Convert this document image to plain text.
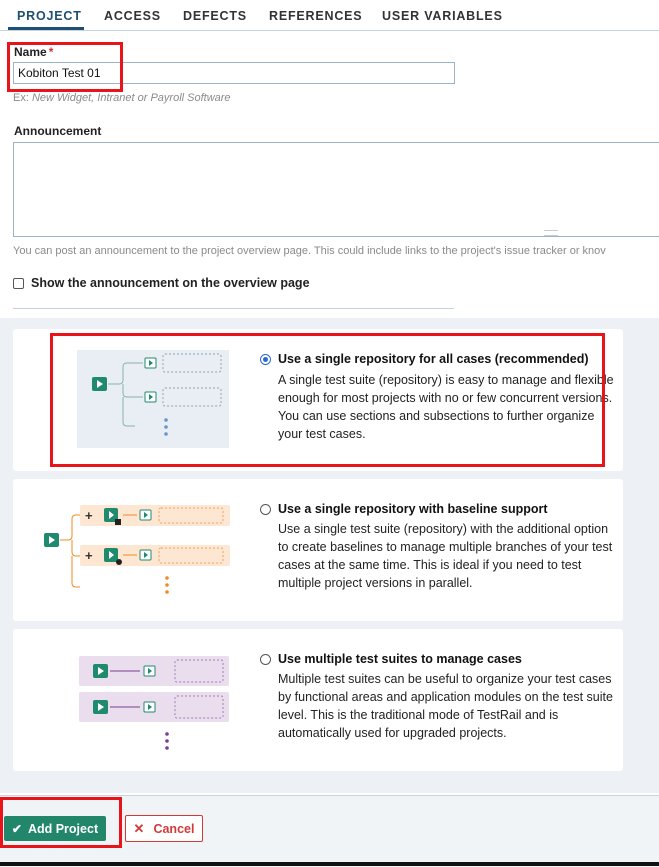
PROJECT ACCESS DEFECTS REFERENCES USER VARIABLES
Name *
Kobiton Test 01
Ex: New Widget, Intranet or Payroll Software
Announcement
You can post an announcement to the project overview page. This could include links to the project's issue tracker or knov
Show the announcement on the overview page
Use a single repository for all cases (recommended)
A single test suite (repository) is easy to manage and flexible enough for most projects with no or few concurrent versions. You can use sections and subsections to further organize your test cases.
+
+
Use a single repository with baseline support
Use a single test suite (repository) with the additional option to create baselines to manage multiple branches of your test cases at the same time. This is ideal if you need to test multiple project versions in parallel.
Use multiple test suites to manage cases
Multiple test suites can be useful to organize your test cases by functional areas and application modules on the test suite level. This is the traditional mode of TestRail and is automatically used for upgraded projects.
✔ Add Project	✕ Cancel
